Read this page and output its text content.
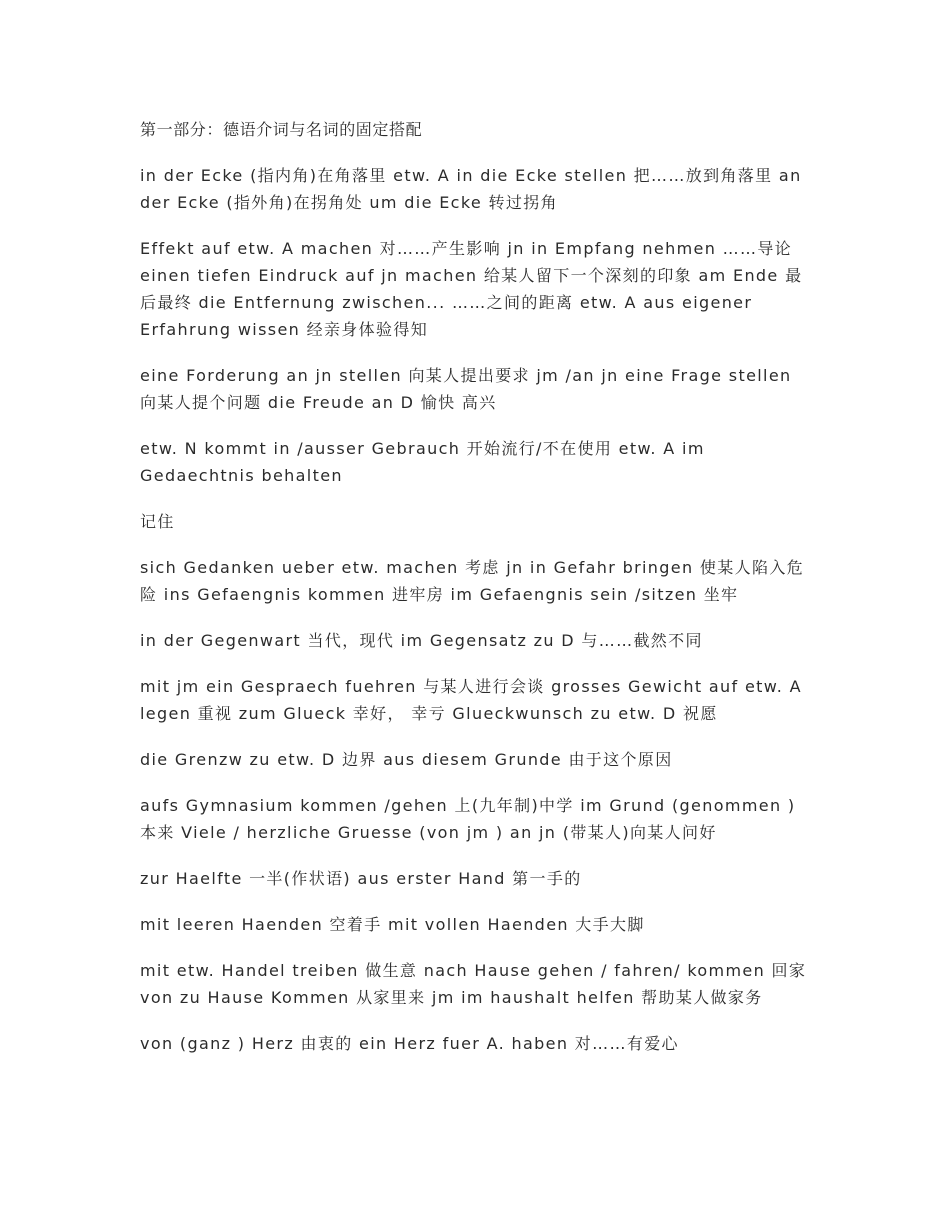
第一部分：德语介词与名词的固定搭配

in der Ecke (指内角)在角落里 etw. A in die Ecke stellen 把……放到角落里 an der Ecke (指外角)在拐角处 um die Ecke 转过拐角

Effekt auf etw. A machen 对……产生影响 jn in Empfang nehmen ……导论 einen tiefen Eindruck auf jn machen 给某人留下一个深刻的印象 am Ende 最后最终 die Entfernung zwischen... ……之间的距离 etw. A aus eigener Erfahrung wissen 经亲身体验得知

eine Forderung an jn stellen 向某人提出要求 jm /an jn eine Frage stellen 向某人提个问题 die Freude an D 愉快 高兴

etw. N kommt in /ausser Gebrauch 开始流行/不在使用 etw. A im Gedaechtnis behalten

记住

sich Gedanken ueber etw. machen 考虑 jn in Gefahr bringen 使某人陷入危险 ins Gefaengnis kommen 进牢房 im Gefaengnis sein /sitzen 坐牢

in der Gegenwart 当代，现代 im Gegensatz zu D 与……截然不同

mit jm ein Gespraech fuehren 与某人进行会谈 grosses Gewicht auf etw. A legen 重视 zum Glueck 幸好， 幸亏 Glueckwunsch zu etw. D 祝愿

die Grenzw zu etw. D 边界 aus diesem Grunde 由于这个原因

aufs Gymnasium kommen /gehen 上(九年制)中学 im Grund (genommen ) 本来 Viele / herzliche Gruesse (von jm ) an jn (带某人)向某人问好

zur Haelfte 一半(作状语) aus erster Hand 第一手的

mit leeren Haenden 空着手 mit vollen Haenden 大手大脚

mit etw. Handel treiben 做生意 nach Hause gehen / fahren/ kommen 回家 von zu Hause Kommen 从家里来 jm im haushalt helfen 帮助某人做家务

von (ganz ) Herz 由衷的 ein Herz fuer A. haben 对……有爱心
